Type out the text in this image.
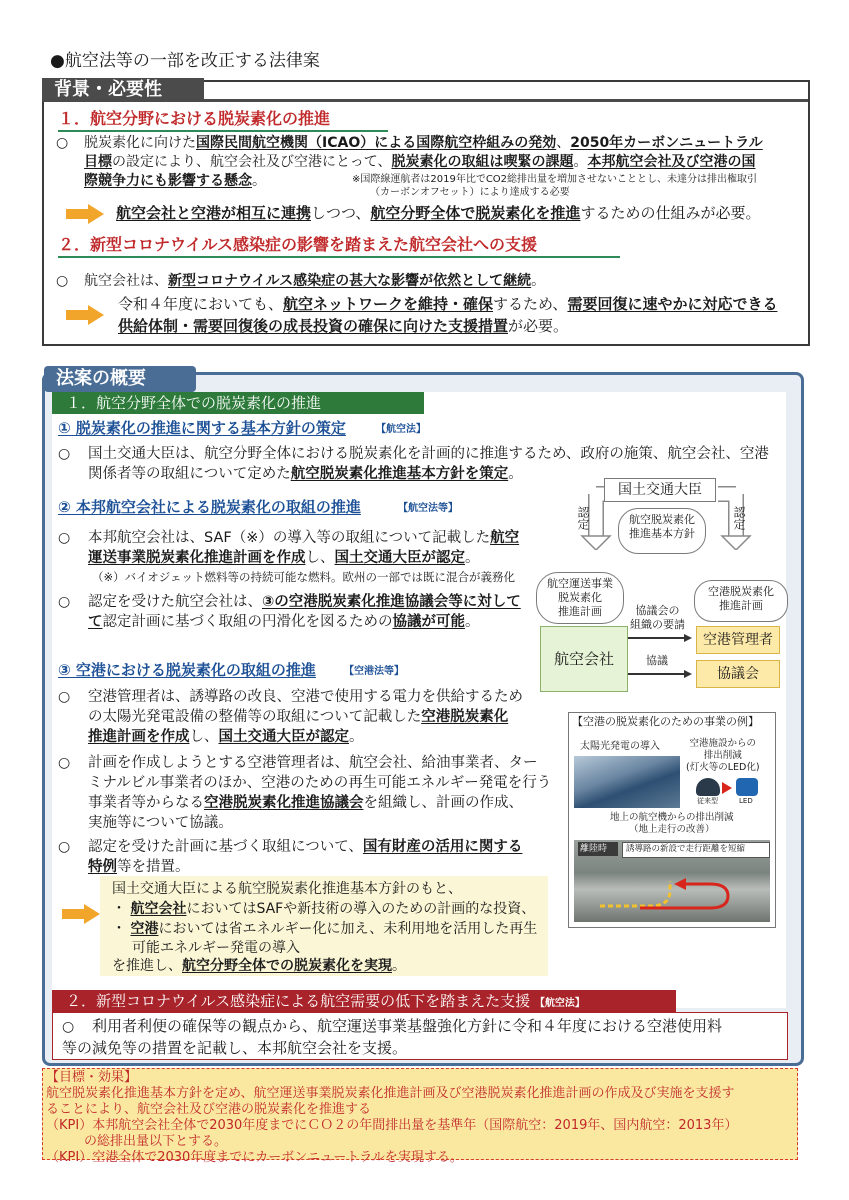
●航空法等の一部を改正する法律案
背景・必要性
１．航空分野における脱炭素化の推進
○ 脱炭素化に向けた国際民間航空機関（ICAO）による国際航空枠組みの発効、2050年カーボンニュートラル
目標の設定により、航空会社及び空港にとって、脱炭素化の取組は喫緊の課題。本邦航空会社及び空港の国
際競争力にも影響する懸念。	※国際線運航者は2019年比でCO2総排出量を増加させないこととし、未達分は排出権取引
（カーボンオフセット）により達成する必要
航空会社と空港が相互に連携しつつ、航空分野全体で脱炭素化を推進するための仕組みが必要。
２．新型コロナウイルス感染症の影響を踏まえた航空会社への支援
○ 航空会社は、新型コロナウイルス感染症の甚大な影響が依然として継続。
令和４年度においても、航空ネットワークを維持・確保するため、需要回復に速やかに対応できる
供給体制・需要回復後の成長投資の確保に向けた支援措置が必要。
法案の概要
１．航空分野全体での脱炭素化の推進
① 脱炭素化の推進に関する基本方針の策定	【航空法】
○ 国土交通大臣は、航空分野全体における脱炭素化を計画的に推進するため、政府の施策、航空会社、空港
関係者等の取組について定めた航空脱炭素化推進基本方針を策定。
② 本邦航空会社による脱炭素化の取組の推進	【航空法等】
○ 本邦航空会社は、SAF（※）の導入等の取組について記載した航空
運送事業脱炭素化推進計画を作成し、国土交通大臣が認定。
（※）バイオジェット燃料等の持続可能な燃料。欧州の一部では既に混合が義務化
○ 認定を受けた航空会社は、③の空港脱炭素化推進協議会等に対して
て認定計画に基づく取組の円滑化を図るための協議が可能。
③ 空港における脱炭素化の取組の推進	【空港法等】
○ 空港管理者は、誘導路の改良、空港で使用する電力を供給するため
の太陽光発電設備の整備等の取組について記載した空港脱炭素化
推進計画を作成し、国土交通大臣が認定。
○ 計画を作成しようとする空港管理者は、航空会社、給油事業者、ター
ミナルビル事業者のほか、空港のための再生可能エネルギー発電を行う
事業者等からなる空港脱炭素化推進協議会を組織し、計画の作成、
実施等について協議。
○ 認定を受けた計画に基づく取組について、国有財産の活用に関する
特例等を措置。
国土交通大臣による航空脱炭素化推進基本方針のもと、
・ 航空会社においてはSAFや新技術の導入のための計画的な投資、
・ 空港においては省エネルギー化に加え、未利用地を活用した再生
可能エネルギー発電の導入
を推進し、航空分野全体での脱炭素化を実現。
国土交通大臣
認定	認定
航空脱炭素化
推進基本方針
航空運送事業
脱炭素化
推進計画
空港脱炭素化
推進計画
航空会社
協議会の
組織の要請
協議
空港管理者
協議会
【空港の脱炭素化のための事業の例】
太陽光発電の導入	空港施設からの
排出削減
(灯火等のLED化)
従来型	LED
地上の航空機からの排出削減
（地上走行の改善）
離陸時 誘導路の新設で走行距離を短縮
２．新型コロナウイルス感染症による航空需要の低下を踏まえた支援 【航空法】
○ 利用者利便の確保等の観点から、航空運送事業基盤強化方針に令和４年度における空港使用料
等の減免等の措置を記載し、本邦航空会社を支援。
【目標・効果】
航空脱炭素化推進基本方針を定め、航空運送事業脱炭素化推進計画及び空港脱炭素化推進計画の作成及び実施を支援す
ることにより、航空会社及び空港の脱炭素化を推進する
（KPI）本邦航空会社全体で2030年度までにＣＯ２の年間排出量を基準年（国際航空：2019年、国内航空：2013年）
の総排出量以下とする。
（KPI）空港全体で2030年度までにカーボンニュートラルを実現する。
